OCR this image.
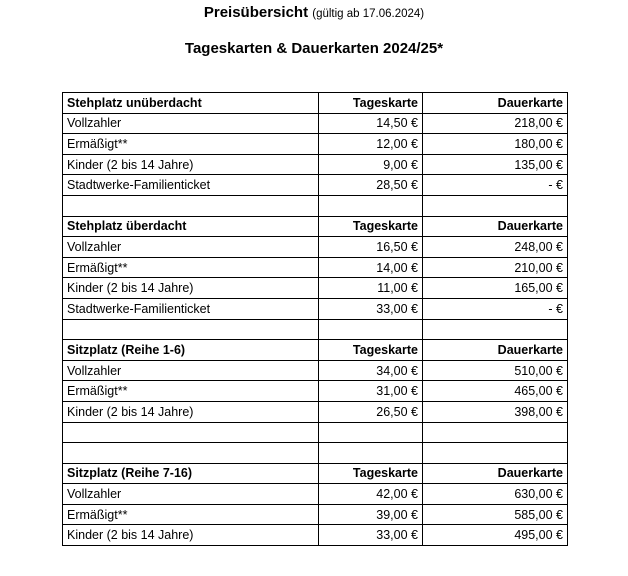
Preisübersicht (gültig ab 17.06.2024)
Tageskarten & Dauerkarten 2024/25*
Stehplatz unüberdacht	Tageskarte	Dauerkarte
Vollzahler	14,50 €	218,00 €
Ermäßigt**	12,00 €	180,00 €
Kinder (2 bis 14 Jahre)	9,00 €	135,00 €
Stadtwerke-Familienticket	28,50 €	- €

Stehplatz überdacht	Tageskarte	Dauerkarte
Vollzahler	16,50 €	248,00 €
Ermäßigt**	14,00 €	210,00 €
Kinder (2 bis 14 Jahre)	11,00 €	165,00 €
Stadtwerke-Familienticket	33,00 €	- €

Sitzplatz (Reihe 1-6)	Tageskarte	Dauerkarte
Vollzahler	34,00 €	510,00 €
Ermäßigt**	31,00 €	465,00 €
Kinder (2 bis 14 Jahre)	26,50 €	398,00 €

Sitzplatz (Reihe 7-16)	Tageskarte	Dauerkarte
Vollzahler	42,00 €	630,00 €
Ermäßigt**	39,00 €	585,00 €
Kinder (2 bis 14 Jahre)	33,00 €	495,00 €
